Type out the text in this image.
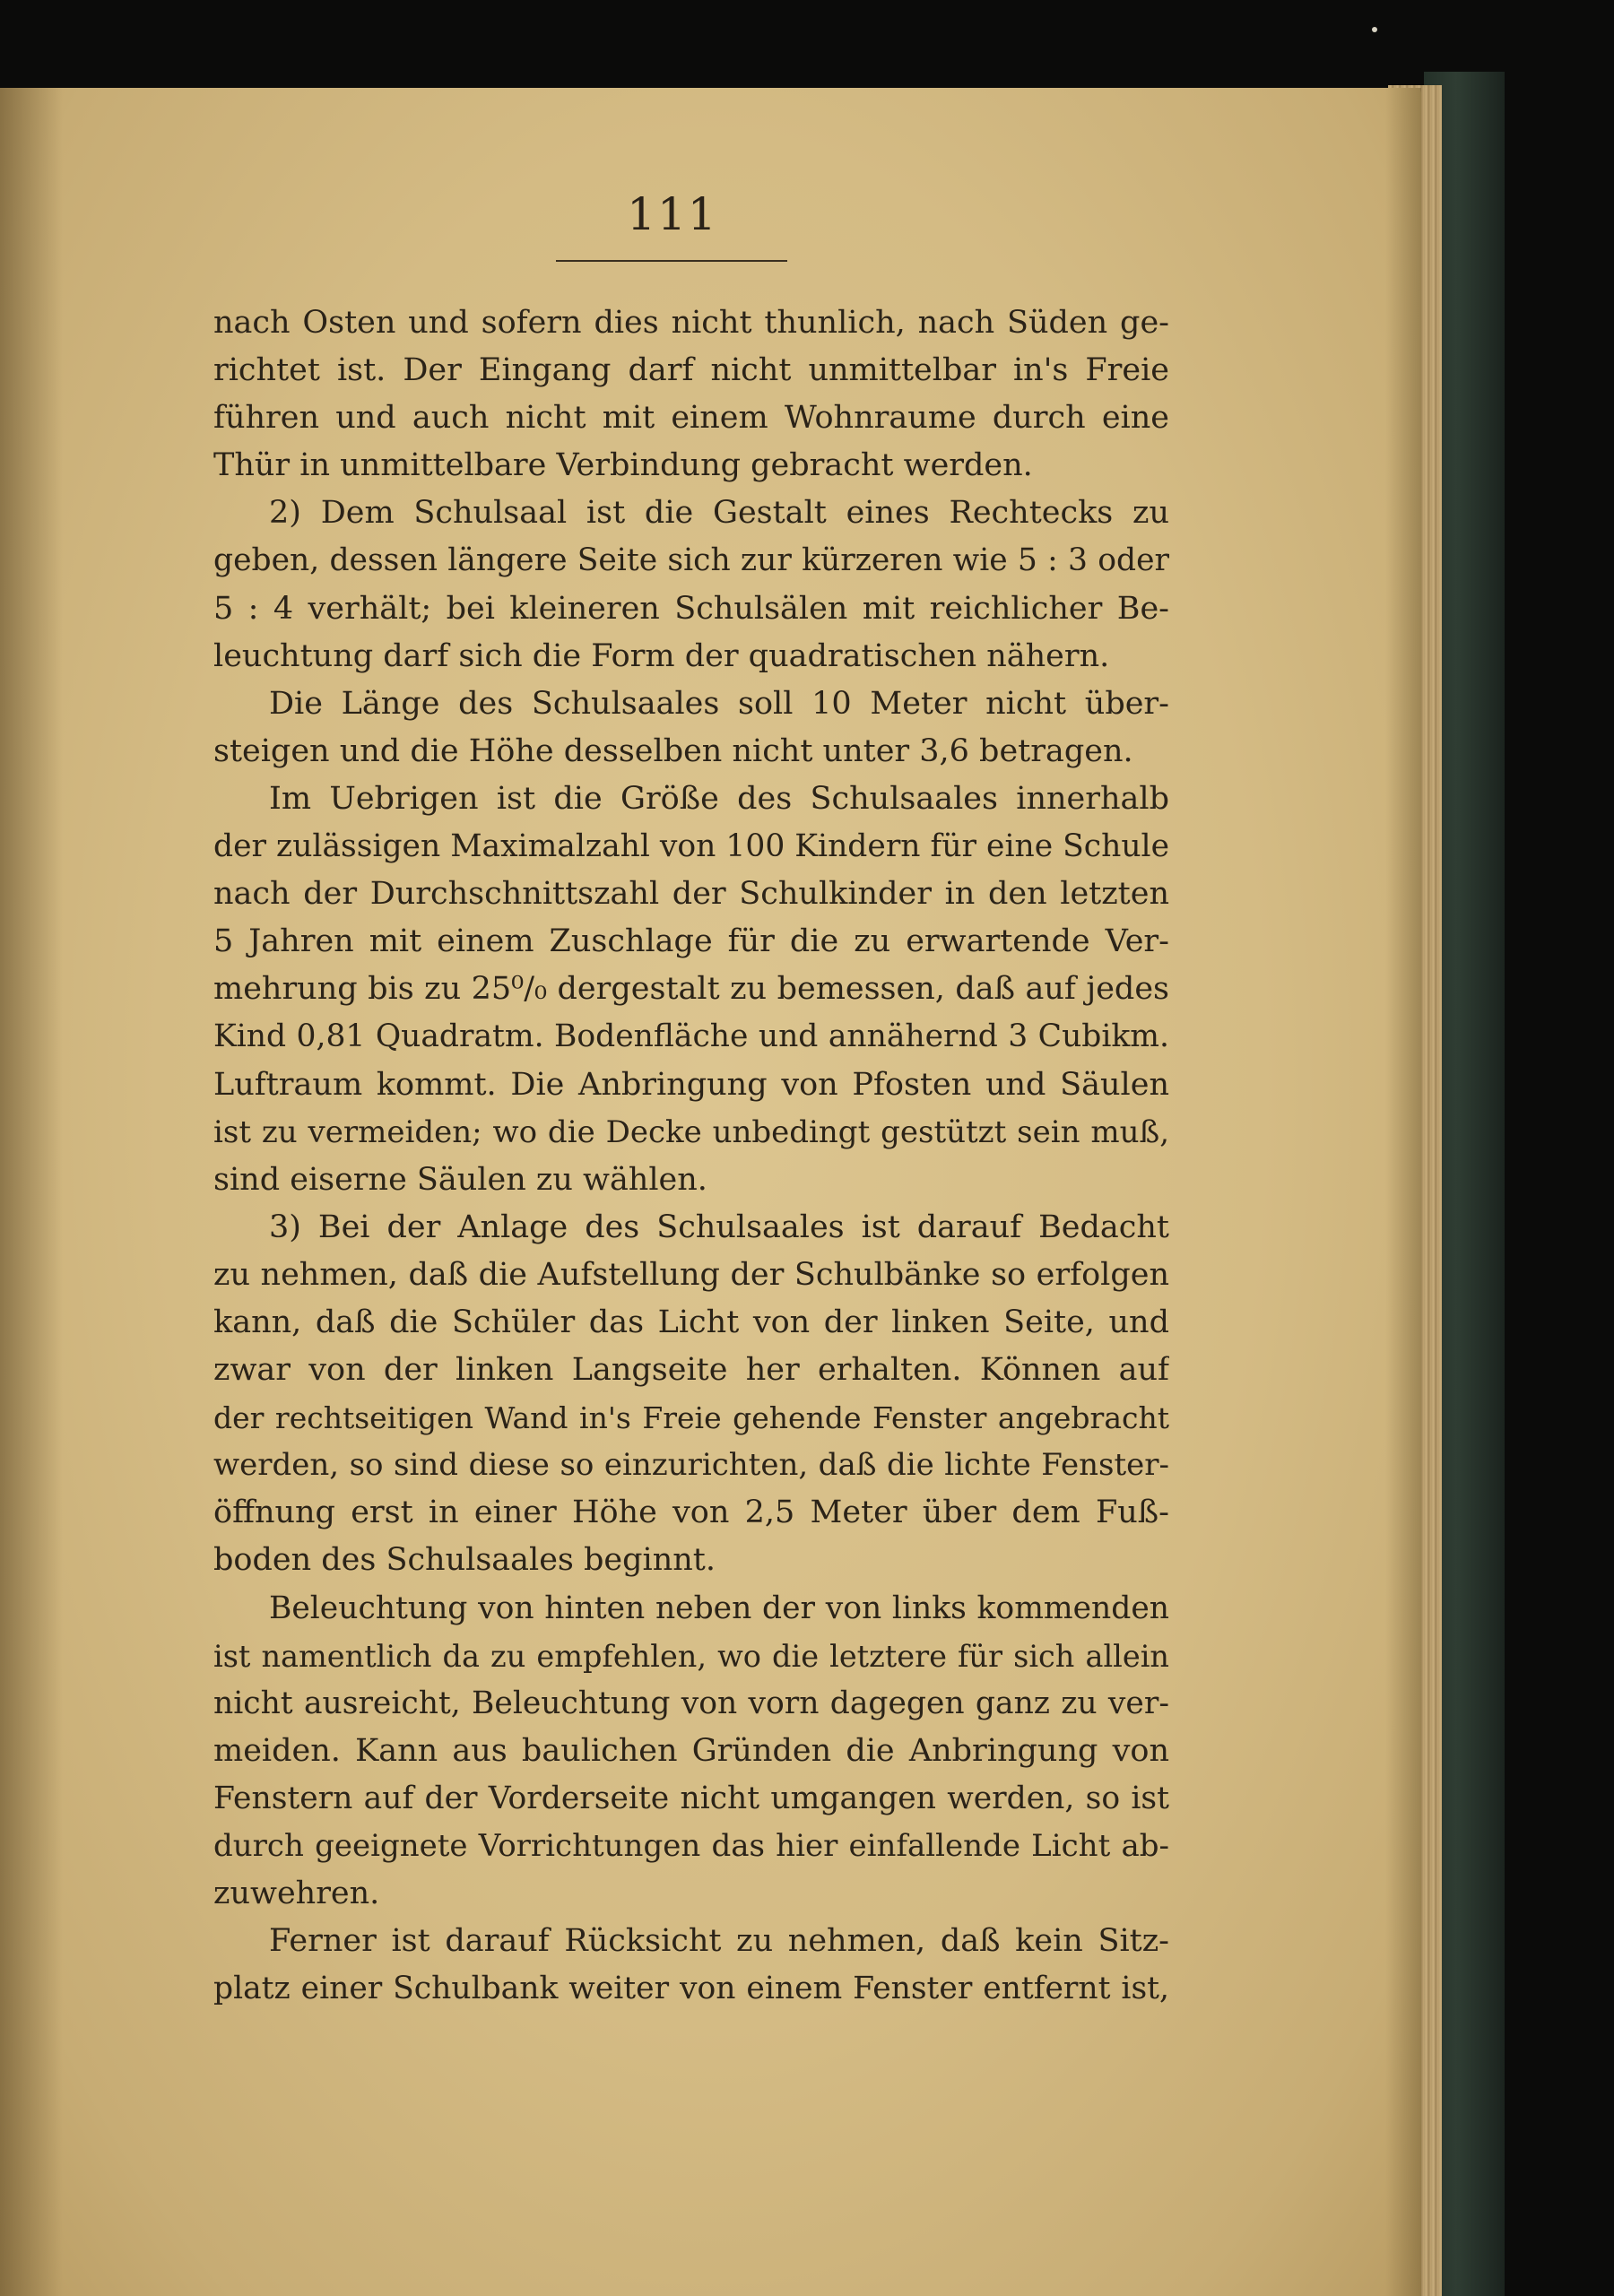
111
nach Osten und sofern dies nicht thunlich, nach Süden ge-
richtet ist. Der Eingang darf nicht unmittelbar in's Freie
führen und auch nicht mit einem Wohnraume durch eine
Thür in unmittelbare Verbindung gebracht werden.
2) Dem Schulsaal ist die Gestalt eines Rechtecks zu
geben, dessen längere Seite sich zur kürzeren wie 5 : 3 oder
5 : 4 verhält; bei kleineren Schulsälen mit reichlicher Be-
leuchtung darf sich die Form der quadratischen nähern.
Die Länge des Schulsaales soll 10 Meter nicht über-
steigen und die Höhe desselben nicht unter 3,6 betragen.
Im Uebrigen ist die Größe des Schulsaales innerhalb
der zulässigen Maximalzahl von 100 Kindern für eine Schule
nach der Durchschnittszahl der Schulkinder in den letzten
5 Jahren mit einem Zuschlage für die zu erwartende Ver-
mehrung bis zu 25⁰/₀ dergestalt zu bemessen, daß auf jedes
Kind 0,81 Quadratm. Bodenfläche und annähernd 3 Cubikm.
Luftraum kommt. Die Anbringung von Pfosten und Säulen
ist zu vermeiden; wo die Decke unbedingt gestützt sein muß,
sind eiserne Säulen zu wählen.
3) Bei der Anlage des Schulsaales ist darauf Bedacht
zu nehmen, daß die Aufstellung der Schulbänke so erfolgen
kann, daß die Schüler das Licht von der linken Seite, und
zwar von der linken Langseite her erhalten. Können auf
der rechtseitigen Wand in's Freie gehende Fenster angebracht
werden, so sind diese so einzurichten, daß die lichte Fenster-
öffnung erst in einer Höhe von 2,5 Meter über dem Fuß-
boden des Schulsaales beginnt.
Beleuchtung von hinten neben der von links kommenden
ist namentlich da zu empfehlen, wo die letztere für sich allein
nicht ausreicht, Beleuchtung von vorn dagegen ganz zu ver-
meiden. Kann aus baulichen Gründen die Anbringung von
Fenstern auf der Vorderseite nicht umgangen werden, so ist
durch geeignete Vorrichtungen das hier einfallende Licht ab-
zuwehren.
Ferner ist darauf Rücksicht zu nehmen, daß kein Sitz-
platz einer Schulbank weiter von einem Fenster entfernt ist,
